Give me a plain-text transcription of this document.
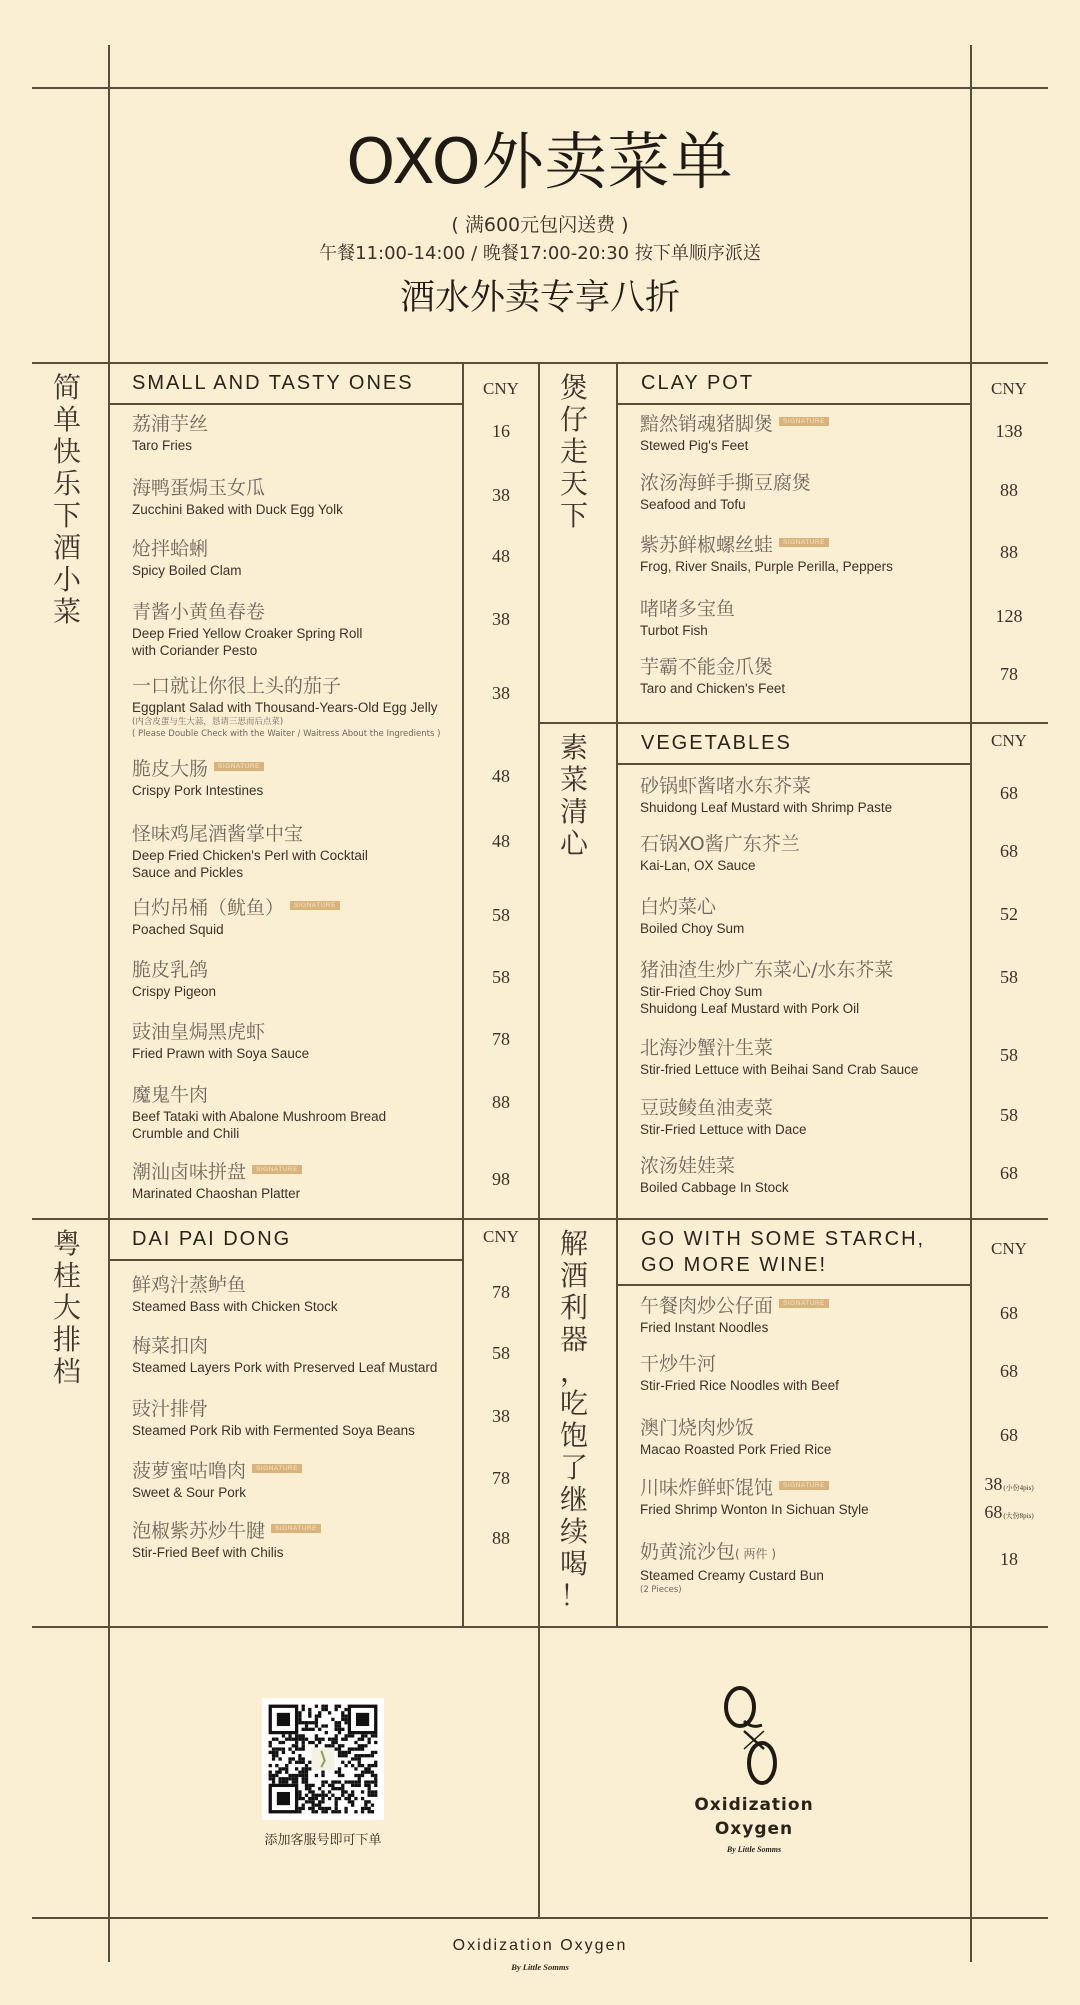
OXO外卖菜单
( 满600元包闪送费 )
午餐11:00-14:00 / 晚餐17:00-20:30 按下单顺序派送
酒水外卖专享八折
简
单
快
乐
下
酒
小
菜
SMALL AND TASTY ONES	CNY
荔浦芋丝
Taro Fries
16
海鸭蛋焗玉女瓜
Zucchini Baked with Duck Egg Yolk
38
炝拌蛤蜊
Spicy Boiled Clam
48
青酱小黄鱼春卷
Deep Fried Yellow Croaker Spring Roll
with Coriander Pesto
38
一口就让你很上头的茄子
Eggplant Salad with Thousand-Years-Old Egg Jelly
(内含皮蛋与生大蒜，恳请三思而后点菜)
( Please Double Check with the Waiter / Waitress About the Ingredients )
38
脆皮大肠 SIGNATURE
Crispy Pork Intestines
48
怪味鸡尾酒酱掌中宝
Deep Fried Chicken's Perl with Cocktail
Sauce and Pickles
48
白灼吊桶（鱿鱼） SIGNATURE
Poached Squid
58
脆皮乳鸽
Crispy Pigeon
58
豉油皇焗黑虎虾
Fried Prawn with Soya Sauce
78
魔鬼牛肉
Beef Tataki with Abalone Mushroom Bread
Crumble and Chili
88
潮汕卤味拼盘 SIGNATURE
Marinated Chaoshan Platter
98
煲
仔
走
天
下
CLAY POT	CNY
黯然销魂猪脚煲 SIGNATURE
Stewed Pig's Feet
138
浓汤海鲜手撕豆腐煲
Seafood and Tofu
88
紫苏鲜椒螺丝蛙 SIGNATURE
Frog, River Snails, Purple Perilla, Peppers
88
啫啫多宝鱼
Turbot Fish
128
芋霸不能金爪煲
Taro and Chicken's Feet
78
素
菜
清
心
VEGETABLES	CNY
砂锅虾酱啫水东芥菜
Shuidong Leaf Mustard with Shrimp Paste
68
石锅XO酱广东芥兰
Kai-Lan, OX Sauce
68
白灼菜心
Boiled Choy Sum
52
猪油渣生炒广东菜心/水东芥菜
Stir-Fried Choy Sum
Shuidong Leaf Mustard with Pork Oil
58
北海沙蟹汁生菜
Stir-fried Lettuce with Beihai Sand Crab Sauce
58
豆豉鲮鱼油麦菜
Stir-Fried Lettuce with Dace
58
浓汤娃娃菜
Boiled Cabbage In Stock
68
粤
桂
大
排
档
DAI PAI DONG	CNY
鲜鸡汁蒸鲈鱼
Steamed Bass with Chicken Stock
78
梅菜扣肉
Steamed Layers Pork with Preserved Leaf Mustard
58
豉汁排骨
Steamed Pork Rib with Fermented Soya Beans
38
菠萝蜜咕噜肉 SIGNATURE
Sweet & Sour Pork
78
泡椒紫苏炒牛腱 SIGNATURE
Stir-Fried Beef with Chilis
88
解
酒
利
器
，
吃
饱
了
继
续
喝
！
GO WITH SOME STARCH,
GO MORE WINE!
CNY
午餐肉炒公仔面 SIGNATURE
Fried Instant Noodles
68
干炒牛河
Stir-Fried Rice Noodles with Beef
68
澳门烧肉炒饭
Macao Roasted Pork Fried Rice
68
川味炸鲜虾馄饨 SIGNATURE
Fried Shrimp Wonton In Sichuan Style
38(小份4pis)
68(大份8pis)
奶黄流沙包( 两件 )
Steamed Creamy Custard Bun
(2 Pieces)
18
添加客服号即可下单
Oxidization
Oxygen
By Little Somms
Oxidization Oxygen
By Little Somms
